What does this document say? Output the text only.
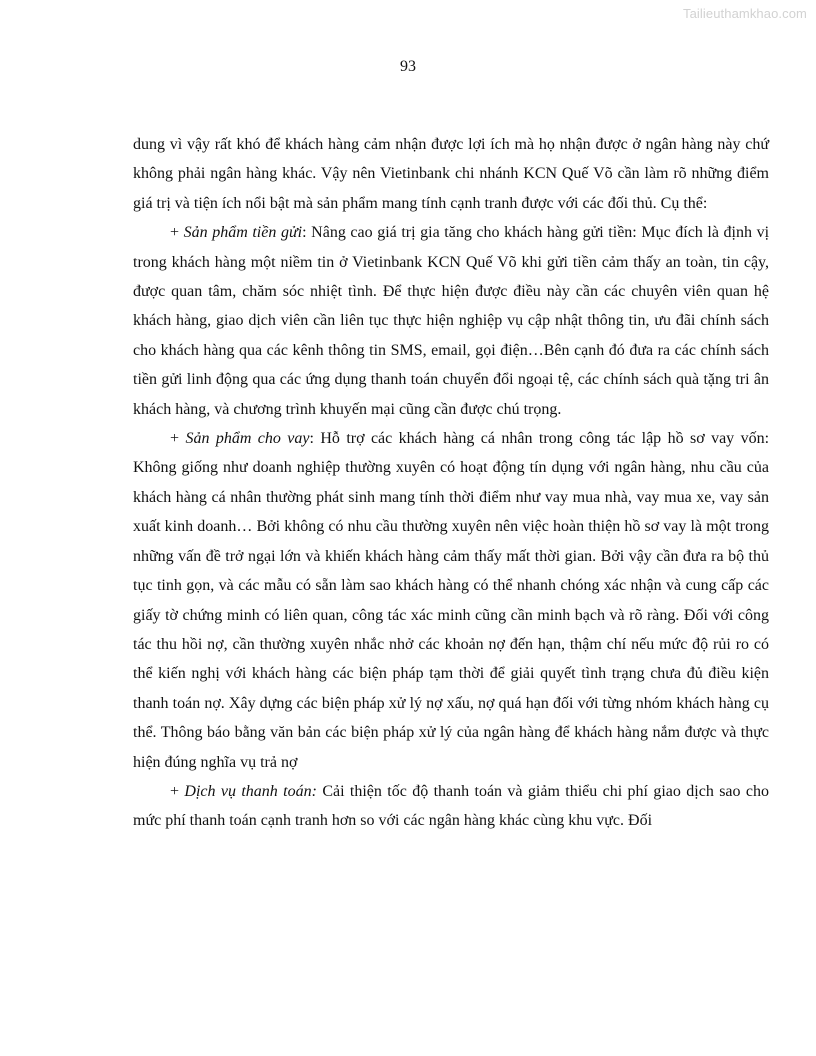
Tailieuthamkhao.com
93

dung vì vậy rất khó để khách hàng cảm nhận được lợi ích mà họ nhận được ở ngân hàng này chứ không phải ngân hàng khác. Vậy nên Vietinbank chi nhánh KCN Quế Võ cần làm rõ những điểm giá trị và tiện ích nổi bật mà sản phẩm mang tính cạnh tranh được với các đối thủ. Cụ thể:

+ Sản phẩm tiền gửi: Nâng cao giá trị gia tăng cho khách hàng gửi tiền: Mục đích là định vị trong khách hàng một niềm tin ở Vietinbank KCN Quế Võ khi gửi tiền cảm thấy an toàn, tin cậy, được quan tâm, chăm sóc nhiệt tình. Để thực hiện được điều này cần các chuyên viên quan hệ khách hàng, giao dịch viên cần liên tục thực hiện nghiệp vụ cập nhật thông tin, ưu đãi chính sách cho khách hàng qua các kênh thông tin SMS, email, gọi điện…Bên cạnh đó đưa ra các chính sách tiền gửi linh động qua các ứng dụng thanh toán chuyển đổi ngoại tệ, các chính sách quà tặng tri ân khách hàng, và chương trình khuyến mại cũng cần được chú trọng.

+ Sản phẩm cho vay: Hỗ trợ các khách hàng cá nhân trong công tác lập hồ sơ vay vốn: Không giống như doanh nghiệp thường xuyên có hoạt động tín dụng với ngân hàng, nhu cầu của khách hàng cá nhân thường phát sinh mang tính thời điểm như vay mua nhà, vay mua xe, vay sản xuất kinh doanh… Bởi không có nhu cầu thường xuyên nên việc hoàn thiện hồ sơ vay là một trong những vấn đề trở ngại lớn và khiến khách hàng cảm thấy mất thời gian. Bởi vậy cần đưa ra bộ thủ tục tinh gọn, và các mẫu có sẵn làm sao khách hàng có thể nhanh chóng xác nhận và cung cấp các giấy tờ chứng minh có liên quan, công tác xác minh cũng cần minh bạch và rõ ràng. Đối với công tác thu hồi nợ, cần thường xuyên nhắc nhở các khoản nợ đến hạn, thậm chí nếu mức độ rủi ro có thể kiến nghị với khách hàng các biện pháp tạm thời để giải quyết tình trạng chưa đủ điều kiện thanh toán nợ. Xây dựng các biện pháp xử lý nợ xấu, nợ quá hạn đối với từng nhóm khách hàng cụ thể. Thông báo bằng văn bản các biện pháp xử lý của ngân hàng để khách hàng nắm được và thực hiện đúng nghĩa vụ trả nợ

+ Dịch vụ thanh toán: Cải thiện tốc độ thanh toán và giảm thiểu chi phí giao dịch sao cho mức phí thanh toán cạnh tranh hơn so với các ngân hàng khác cùng khu vực. Đối
